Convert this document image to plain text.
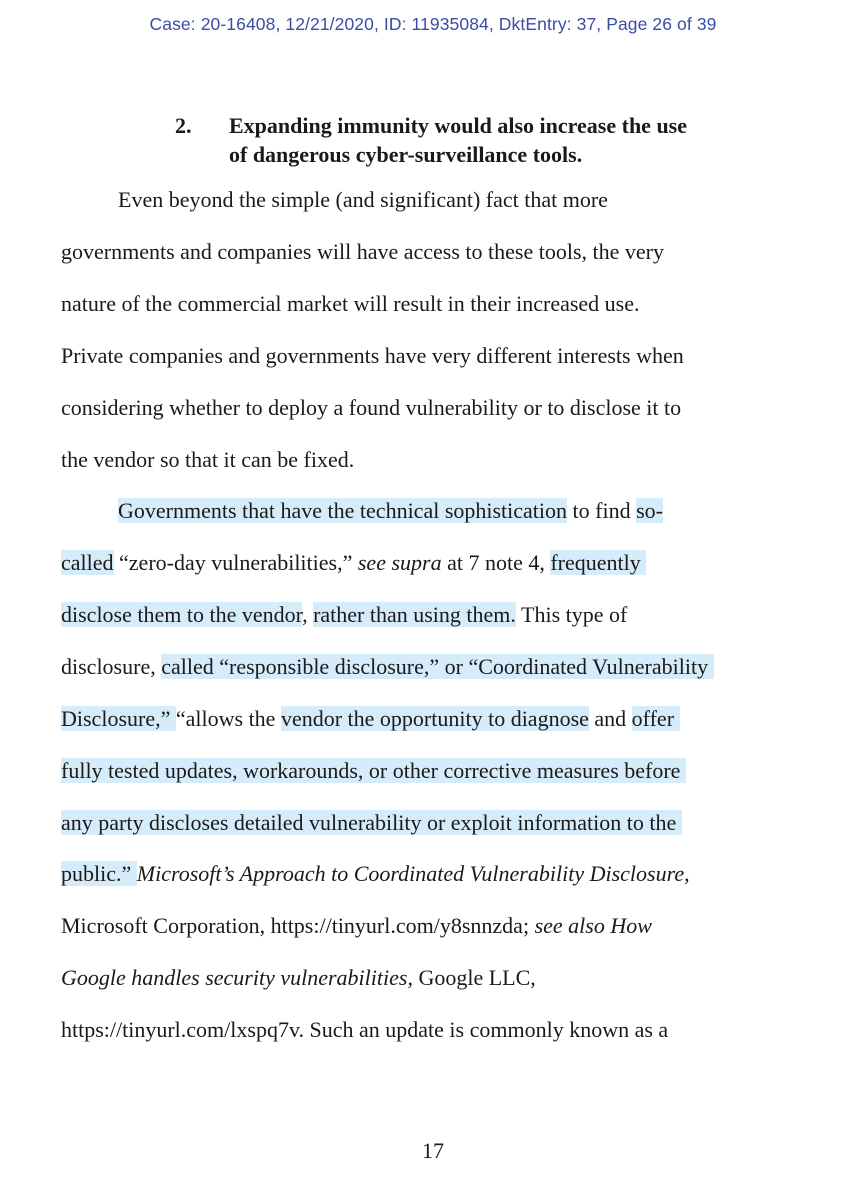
Case: 20-16408, 12/21/2020, ID: 11935084, DktEntry: 37, Page 26 of 39
2.	Expanding immunity would also increase the use
of dangerous cyber-surveillance tools.
Even beyond the simple (and significant) fact that more
governments and companies will have access to these tools, the very
nature of the commercial market will result in their increased use.
Private companies and governments have very different interests when
considering whether to deploy a found vulnerability or to disclose it to
the vendor so that it can be fixed.
Governments that have the technical sophistication to find so-
called “zero-day vulnerabilities,” see supra at 7 note 4, frequently
disclose them to the vendor, rather than using them. This type of
disclosure, called “responsible disclosure,” or “Coordinated Vulnerability
Disclosure,” “allows the vendor the opportunity to diagnose and offer
fully tested updates, workarounds, or other corrective measures before
any party discloses detailed vulnerability or exploit information to the
public.” Microsoft’s Approach to Coordinated Vulnerability Disclosure,
Microsoft Corporation, https://tinyurl.com/y8snnzda; see also How
Google handles security vulnerabilities, Google LLC,
https://tinyurl.com/lxspq7v. Such an update is commonly known as a
17
